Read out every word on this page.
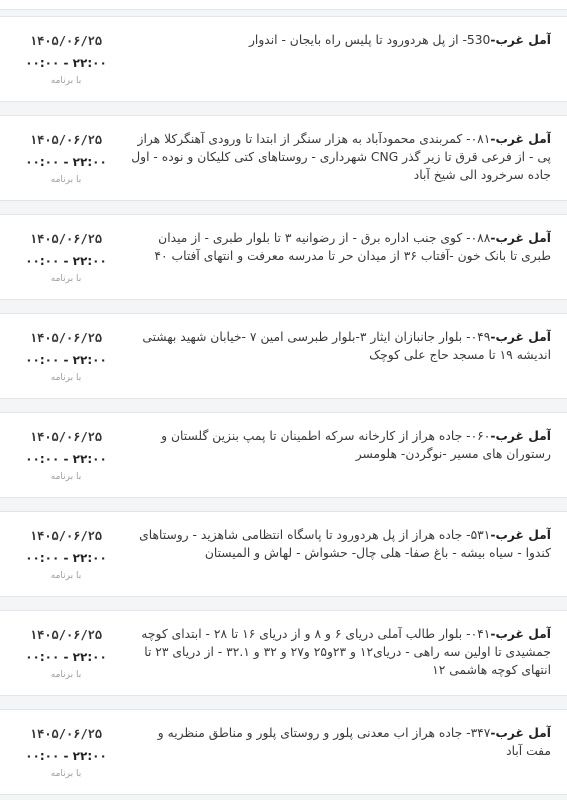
آمل غرب-530- از پل هردورود تا پلیس راه بایجان - اندوار
۱۴۰۵/۰۶/۲۵
۲۲:۰۰ - ۰۰:۰۰
با برنامه
آمل غرب-۰۸۱- کمربندی محمودآباد به هزار سنگر از ابتدا تا ورودی آهنگرکلا هراز پی - از فرعی قرق تا زیر گذر CNG شهرداری - روستاهای کتی کلیکان و نوده - اول جاده سرخرود الی شیخ آباد
۱۴۰۵/۰۶/۲۵
۲۲:۰۰ - ۰۰:۰۰
با برنامه
آمل غرب-۰۸۸- کوی جنب اداره برق - از رضوانیه ۳ تا بلوار طبری - از میدان طبری تا بانک خون -آفتاب ۳۶ از میدان حر تا مدرسه معرفت و انتهای آفتاب ۴۰
۱۴۰۵/۰۶/۲۵
۲۲:۰۰ - ۰۰:۰۰
با برنامه
آمل غرب-۰۴۹- بلوار جانبازان ایثار ۳-بلوار طبرسی امین ۷ -خیابان شهید بهشتی اندیشه ۱۹ تا مسجد حاج علی کوچک
۱۴۰۵/۰۶/۲۵
۲۲:۰۰ - ۰۰:۰۰
با برنامه
آمل غرب-۰۶۰- جاده هراز از کارخانه سرکه اطمینان تا پمپ بنزین گلستان و رستوران های مسیر -نوگردن- هلومسر
۱۴۰۵/۰۶/۲۵
۲۲:۰۰ - ۰۰:۰۰
با برنامه
آمل غرب-۵۳۱- جاده هراز از پل هردورود تا پاسگاه انتظامی شاهزید - روستاهای کندوا - سیاه بیشه - باغ صفا- هلی چال- حشواش - لهاش و المیستان
۱۴۰۵/۰۶/۲۵
۲۲:۰۰ - ۰۰:۰۰
با برنامه
آمل غرب-۰۴۱- بلوار طالب آملی دریای ۶ و ۸ و از دریای ۱۶ تا ۲۸ - ابتدای کوچه جمشیدی تا اولین سه راهی - دریای۱۲ و ۲۳و۲۵ و۲۷ و ۳۲ و ۳۲.۱ - از دریای ۲۳ تا انتهای کوچه هاشمی ۱۲
۱۴۰۵/۰۶/۲۵
۲۲:۰۰ - ۰۰:۰۰
با برنامه
آمل غرب-۳۴۷- جاده هراز اب معدنی پلور و روستای پلور و مناطق منظریه و مفت آباد
۱۴۰۵/۰۶/۲۵
۲۲:۰۰ - ۰۰:۰۰
با برنامه
